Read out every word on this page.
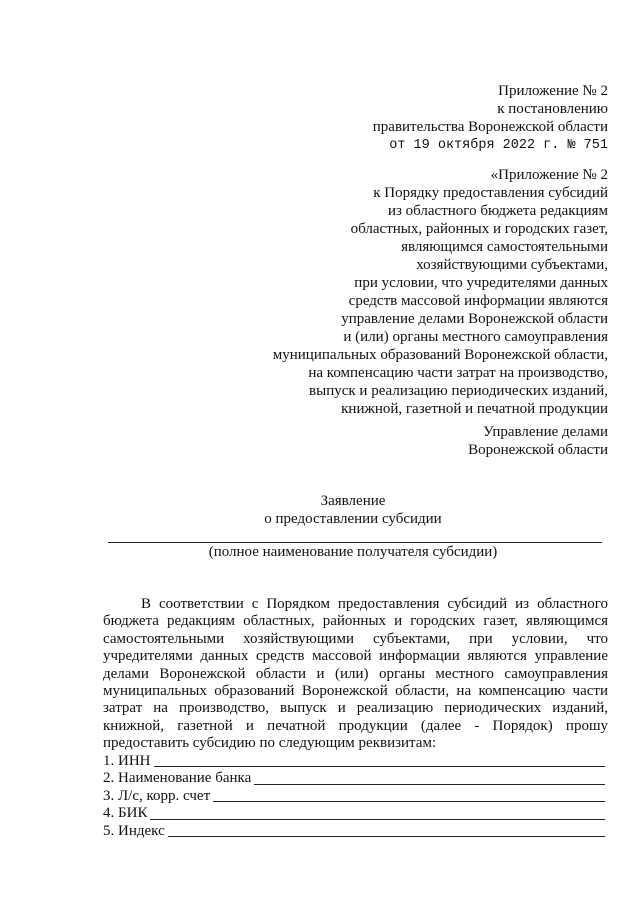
Приложение № 2
к постановлению
правительства Воронежской области
от 19 октября 2022 г. № 751
«Приложение № 2
к Порядку предоставления субсидий
из областного бюджета редакциям
областных, районных и городских газет,
являющимся самостоятельными
хозяйствующими субъектами,
при условии, что учредителями данных
средств массовой информации являются
управление делами Воронежской области
и (или) органы местного самоуправления
муниципальных образований Воронежской области,
на компенсацию части затрат на производство,
выпуск и реализацию периодических изданий,
книжной, газетной и печатной продукции
Управление делами
Воронежской области
Заявление
о предоставлении субсидии
(полное наименование получателя субсидии)
В соответствии с Порядком предоставления субсидий из областного бюджета редакциям областных, районных и городских газет, являющимся самостоятельными хозяйствующими субъектами, при условии, что учредителями данных средств массовой информации являются управление делами Воронежской области и (или) органы местного самоуправления муниципальных образований Воронежской области, на компенсацию части затрат на производство, выпуск и реализацию периодических изданий, книжной, газетной и печатной продукции (далее - Порядок) прошу предоставить субсидию по следующим реквизитам:
1. ИНН
2. Наименование банка
3. Л/с, корр. счет
4. БИК
5. Индекс
